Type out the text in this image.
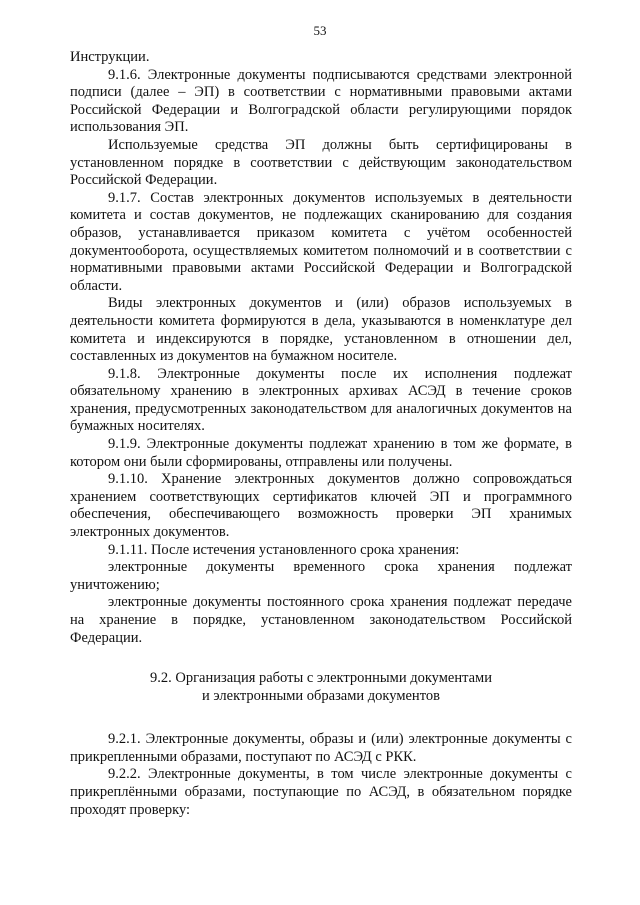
53

Инструкции.

9.1.6. Электронные документы подписываются средствами электронной подписи (далее – ЭП) в соответствии с нормативными правовыми актами Российской Федерации и Волгоградской области регулирующими порядок использования ЭП.

Используемые средства ЭП должны быть сертифицированы в установленном порядке в соответствии с действующим законодательством Российской Федерации.

9.1.7. Состав электронных документов используемых в деятельности комитета и состав документов, не подлежащих сканированию для создания образов, устанавливается приказом комитета с учётом особенностей документооборота, осуществляемых комитетом полномочий и в соответствии с нормативными правовыми актами Российской Федерации и Волгоградской области.

Виды электронных документов и (или) образов используемых в деятельности комитета формируются в дела, указываются в номенклатуре дел комитета и индексируются в порядке, установленном в отношении дел, составленных из документов на бумажном носителе.

9.1.8. Электронные документы после их исполнения подлежат обязательному хранению в электронных архивах АСЭД в течение сроков хранения, предусмотренных законодательством для аналогичных документов на бумажных носителях.

9.1.9. Электронные документы подлежат хранению в том же формате, в котором они были сформированы, отправлены или получены.

9.1.10. Хранение электронных документов должно сопровождаться хранением соответствующих сертификатов ключей ЭП и программного обеспечения, обеспечивающего возможность проверки ЭП хранимых электронных документов.

9.1.11. После истечения установленного срока хранения:

электронные документы временного срока хранения подлежат уничтожению;

электронные документы постоянного срока хранения подлежат передаче на хранение в порядке, установленном законодательством Российской Федерации.

9.2. Организация работы с электронными документами
и электронными образами документов

9.2.1. Электронные документы, образы и (или) электронные документы с прикрепленными образами, поступают по АСЭД с РКК.

9.2.2. Электронные документы, в том числе электронные документы с прикреплёнными образами, поступающие по АСЭД, в обязательном порядке проходят проверку:
